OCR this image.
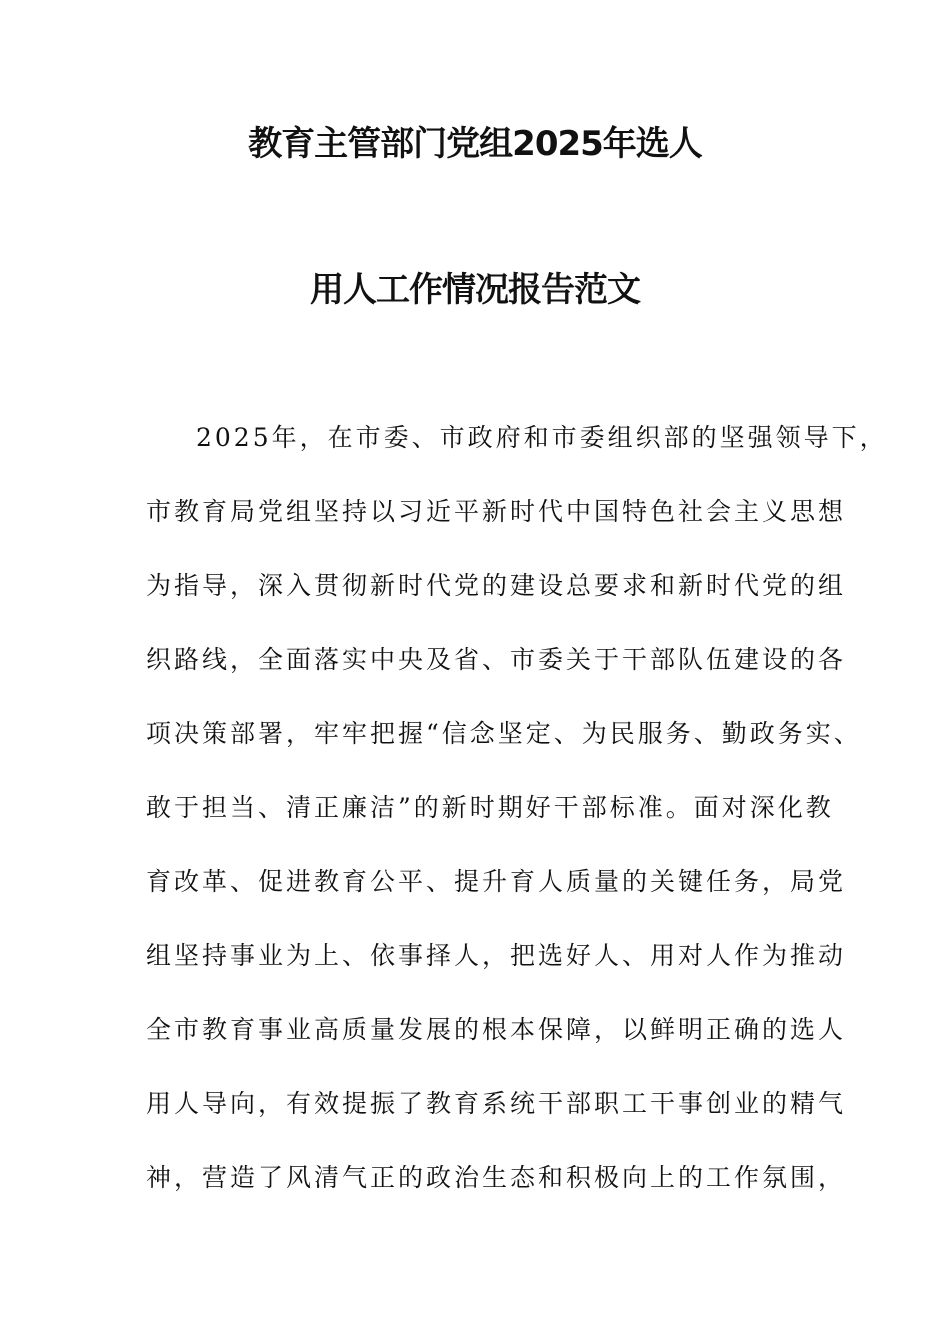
教育主管部门党组2025年选人
用人工作情况报告范文
2025年，在市委、市政府和市委组织部的坚强领导下，
市教育局党组坚持以习近平新时代中国特色社会主义思想
为指导，深入贯彻新时代党的建设总要求和新时代党的组
织路线，全面落实中央及省、市委关于干部队伍建设的各
项决策部署，牢牢把握“信念坚定、为民服务、勤政务实、
敢于担当、清正廉洁”的新时期好干部标准。面对深化教
育改革、促进教育公平、提升育人质量的关键任务，局党
组坚持事业为上、依事择人，把选好人、用对人作为推动
全市教育事业高质量发展的根本保障，以鲜明正确的选人
用人导向，有效提振了教育系统干部职工干事创业的精气
神，营造了风清气正的政治生态和积极向上的工作氛围，
